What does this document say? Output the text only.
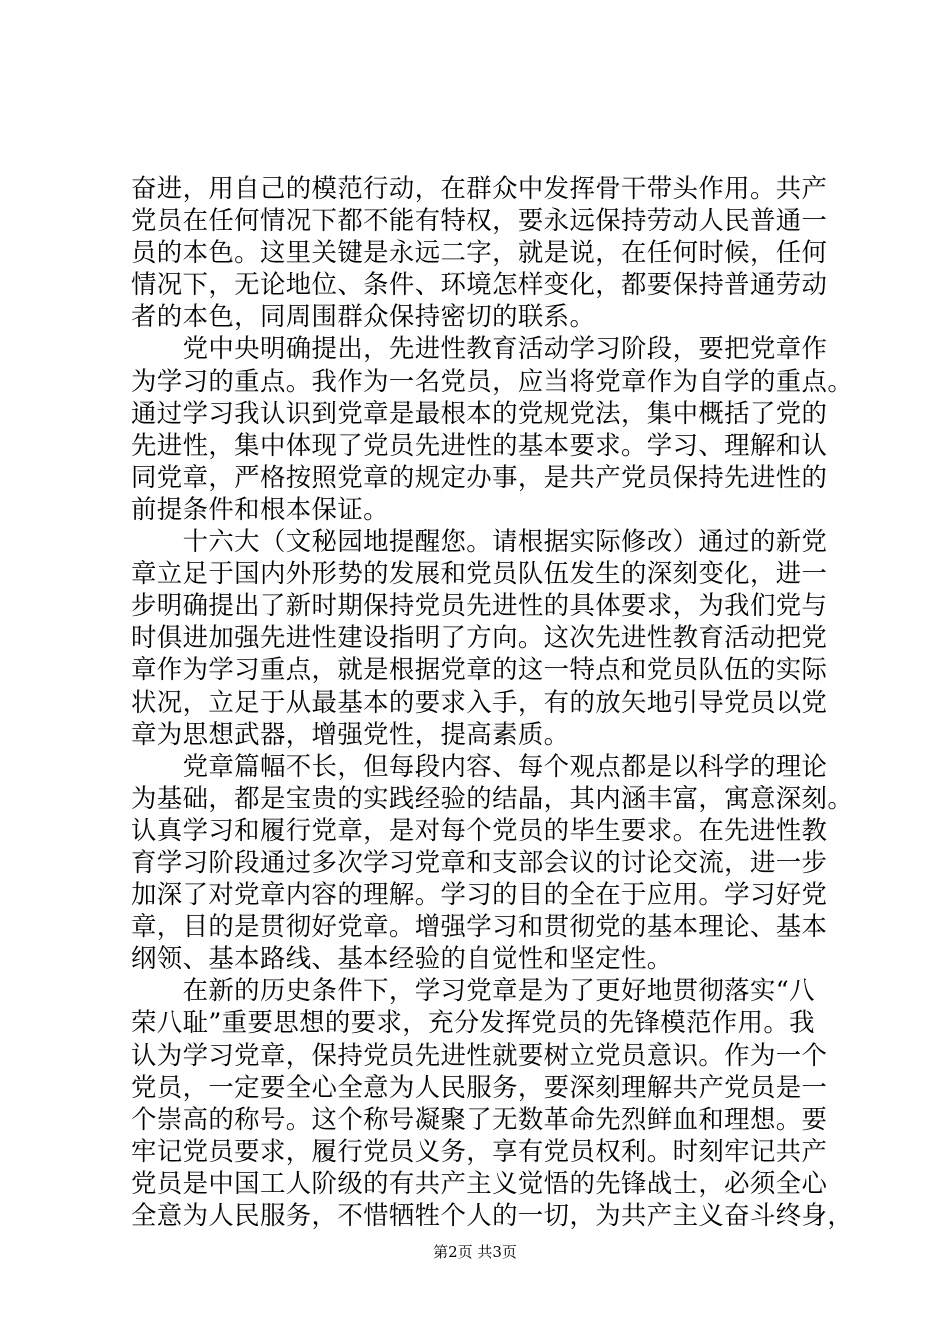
奋进，用自己的模范行动，在群众中发挥骨干带头作用。共产
党员在任何情况下都不能有特权，要永远保持劳动人民普通一
员的本色。这里关键是永远二字，就是说，在任何时候，任何
情况下，无论地位、条件、环境怎样变化，都要保持普通劳动
者的本色，同周围群众保持密切的联系。
　　党中央明确提出，先进性教育活动学习阶段，要把党章作
为学习的重点。我作为一名党员，应当将党章作为自学的重点。
通过学习我认识到党章是最根本的党规党法，集中概括了党的
先进性，集中体现了党员先进性的基本要求。学习、理解和认
同党章，严格按照党章的规定办事，是共产党员保持先进性的
前提条件和根本保证。
　　十六大（文秘园地提醒您。请根据实际修改）通过的新党
章立足于国内外形势的发展和党员队伍发生的深刻变化，进一
步明确提出了新时期保持党员先进性的具体要求，为我们党与
时俱进加强先进性建设指明了方向。这次先进性教育活动把党
章作为学习重点，就是根据党章的这一特点和党员队伍的实际
状况，立足于从最基本的要求入手，有的放矢地引导党员以党
章为思想武器，增强党性，提高素质。
　　党章篇幅不长，但每段内容、每个观点都是以科学的理论
为基础，都是宝贵的实践经验的结晶，其内涵丰富，寓意深刻。
认真学习和履行党章，是对每个党员的毕生要求。在先进性教
育学习阶段通过多次学习党章和支部会议的讨论交流，进一步
加深了对党章内容的理解。学习的目的全在于应用。学习好党
章，目的是贯彻好党章。增强学习和贯彻党的基本理论、基本
纲领、基本路线、基本经验的自觉性和坚定性。
　　在新的历史条件下，学习党章是为了更好地贯彻落实“八
荣八耻”重要思想的要求，充分发挥党员的先锋模范作用。我
认为学习党章，保持党员先进性就要树立党员意识。作为一个
党员，一定要全心全意为人民服务，要深刻理解共产党员是一
个崇高的称号。这个称号凝聚了无数革命先烈鲜血和理想。要
牢记党员要求，履行党员义务，享有党员权利。时刻牢记共产
党员是中国工人阶级的有共产主义觉悟的先锋战士，必须全心
全意为人民服务，不惜牺牲个人的一切，为共产主义奋斗终身，
第2页 共3页
